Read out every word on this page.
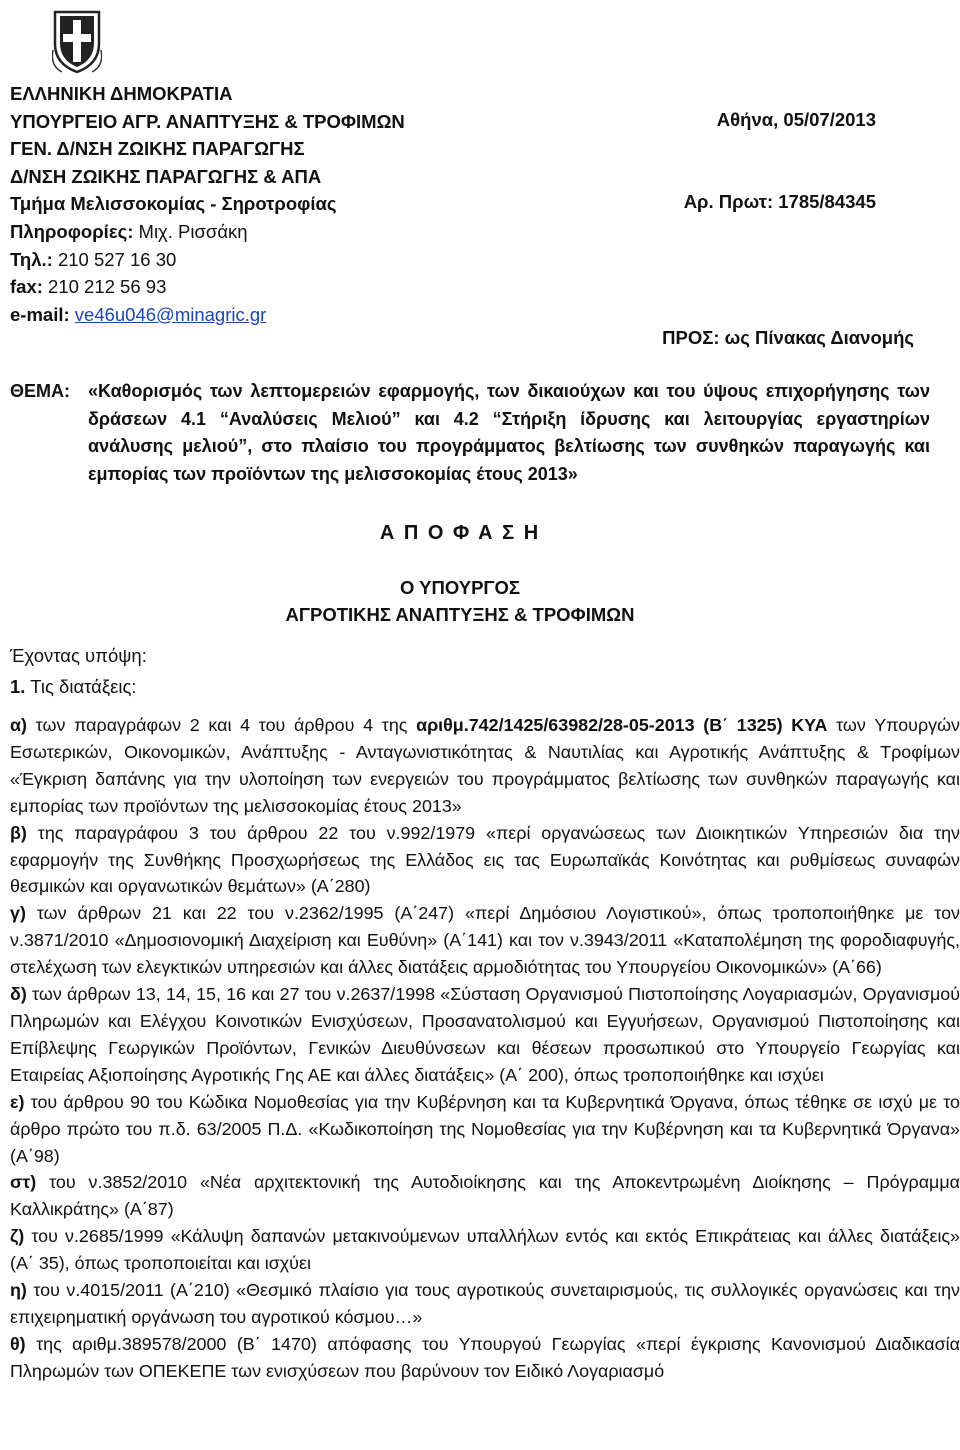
ΕΛΛΗΝΙΚΗ ΔΗΜΟΚΡΑΤΙΑ
ΥΠΟΥΡΓΕΙΟ ΑΓΡ. ΑΝΑΠΤΥΞΗΣ & ΤΡΟΦΙΜΩΝ
ΓΕΝ. Δ/ΝΣΗ ΖΩΙΚΗΣ ΠΑΡΑΓΩΓΗΣ
Δ/ΝΣΗ ΖΩΙΚΗΣ ΠΑΡΑΓΩΓΗΣ & ΑΠΑ
Τμήμα Μελισσοκομίας - Σηροτροφίας
Πληροφορίες: Μιχ. Ρισσάκη
Τηλ.: 210 527 16 30
fax: 210 212 56 93
e-mail: ve46u046@minagric.gr
Αθήνα, 05/07/2013
Αρ. Πρωτ: 1785/84345
ΠΡΟΣ: ως Πίνακας Διανομής
ΘΕΜΑ: «Καθορισμός των λεπτομερειών εφαρμογής, των δικαιούχων και του ύψους επιχορήγησης των δράσεων 4.1 “Αναλύσεις Μελιού” και 4.2 “Στήριξη ίδρυσης και λειτουργίας εργαστηρίων ανάλυσης μελιού”, στο πλαίσιο του προγράμματος βελτίωσης των συνθηκών παραγωγής και εμπορίας των προϊόντων της μελισσοκομίας έτους 2013»
Α Π Ο Φ Α Σ Η
Ο ΥΠΟΥΡΓΟΣ
ΑΓΡΟΤΙΚΗΣ ΑΝΑΠΤΥΞΗΣ & ΤΡΟΦΙΜΩΝ
Έχοντας υπόψη:
1. Τις διατάξεις:
α) των παραγράφων 2 και 4 του άρθρου 4 της αριθμ.742/1425/63982/28-05-2013 (Β΄ 1325) ΚΥΑ των Υπουργών Εσωτερικών, Οικονομικών, Ανάπτυξης - Ανταγωνιστικότητας & Ναυτιλίας και Αγροτικής Ανάπτυξης & Τροφίμων «Έγκριση δαπάνης για την υλοποίηση των ενεργειών του προγράμματος βελτίωσης των συνθηκών παραγωγής και εμπορίας των προϊόντων της μελισσοκομίας έτους 2013»
β) της παραγράφου 3 του άρθρου 22 του ν.992/1979 «περί οργανώσεως των Διοικητικών Υπηρεσιών δια την εφαρμογήν της Συνθήκης Προσχωρήσεως της Ελλάδος εις τας Ευρωπαϊκάς Κοινότητας και ρυθμίσεως συναφών θεσμικών και οργανωτικών θεμάτων» (Α΄280)
γ) των άρθρων 21 και 22 του ν.2362/1995 (Α΄247) «περί Δημόσιου Λογιστικού», όπως τροποποιήθηκε με τον ν.3871/2010 «Δημοσιονομική Διαχείριση και Ευθύνη» (Α΄141) και τον ν.3943/2011 «Καταπολέμηση της φοροδιαφυγής, στελέχωση των ελεγκτικών υπηρεσιών και άλλες διατάξεις αρμοδιότητας του Υπουργείου Οικονομικών» (Α΄66)
δ) των άρθρων 13, 14, 15, 16 και 27 του ν.2637/1998 «Σύσταση Οργανισμού Πιστοποίησης Λογαριασμών, Οργανισμού Πληρωμών και Ελέγχου Κοινοτικών Ενισχύσεων, Προσανατολισμού και Εγγυήσεων, Οργανισμού Πιστοποίησης και Επίβλεψης Γεωργικών Προϊόντων, Γενικών Διευθύνσεων και θέσεων προσωπικού στο Υπουργείο Γεωργίας και Εταιρείας Αξιοποίησης Αγροτικής Γης ΑΕ και άλλες διατάξεις» (Α΄ 200), όπως τροποποιήθηκε και ισχύει
ε) του άρθρου 90 του Κώδικα Νομοθεσίας για την Κυβέρνηση και τα Κυβερνητικά Όργανα, όπως τέθηκε σε ισχύ με το άρθρο πρώτο του π.δ. 63/2005 Π.Δ. «Κωδικοποίηση της Νομοθεσίας για την Κυβέρνηση και τα Κυβερνητικά Όργανα» (Α΄98)
στ) του ν.3852/2010 «Νέα αρχιτεκτονική της Αυτοδιοίκησης και της Αποκεντρωμένη Διοίκησης – Πρόγραμμα Καλλικράτης» (Α΄87)
ζ) του ν.2685/1999 «Κάλυψη δαπανών μετακινούμενων υπαλλήλων εντός και εκτός Επικράτειας και άλλες διατάξεις» (Α΄ 35), όπως τροποποιείται και ισχύει
η) του ν.4015/2011 (Α΄210) «Θεσμικό πλαίσιο για τους αγροτικούς συνεταιρισμούς, τις συλλογικές οργανώσεις και την επιχειρηματική οργάνωση του αγροτικού κόσμου…»
θ) της αριθμ.389578/2000 (Β΄ 1470) απόφασης του Υπουργού Γεωργίας «περί έγκρισης Κανονισμού Διαδικασία Πληρωμών των ΟΠΕΚΕΠΕ των ενισχύσεων που βαρύνουν τον Ειδικό Λογαριασμό
